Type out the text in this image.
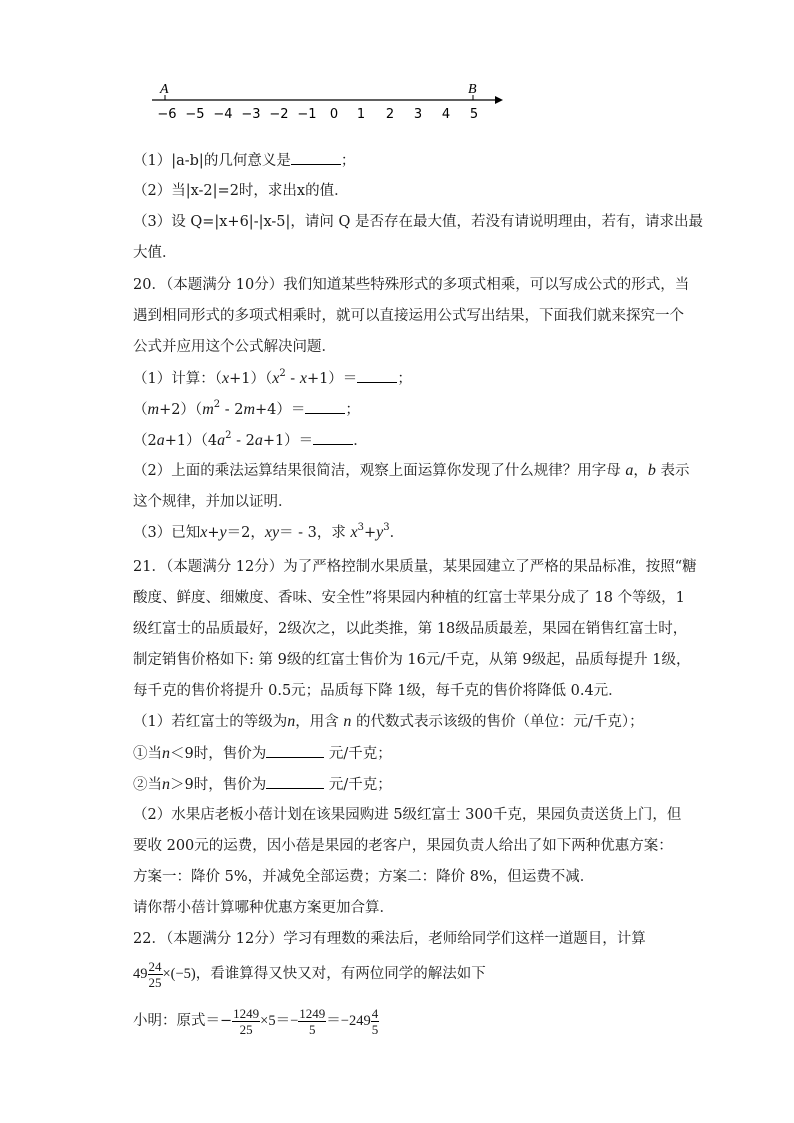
A	B
−6 −5 −4 −3 −2 −1 0 1 2 3 4 5
（1）|a-b|的几何意义是	；
（2）当|x-2|=2时，求出x的值．
（3）设 Q=|x+6|-|x-5|，请问 Q 是否存在最大值，若没有请说明理由，若有，请求出最
大值．
20．（本题满分 10分）我们知道某些特殊形式的多项式相乘，可以写成公式的形式，当
遇到相同形式的多项式相乘时，就可以直接运用公式写出结果，下面我们就来探究一个
公式并应用这个公式解决问题．
（1）计算：$(x+1)(x^2 - x+1)=$	；
$(m+2)(m^2 - 2m+4)=$	；
$(2a+1)(4a^2 - 2a+1)=$	．
（2）上面的乘法运算结果很简洁，观察上面运算你发现了什么规律？用字母 a，b 表示
这个规律，并加以证明．
（3）已知x+y＝2，xy＝ - 3，求 $x^3+y^3$．
21．（本题满分 12分）为了严格控制水果质量，某果园建立了严格的果品标准，按照“糖
酸度、鲜度、细嫩度、香味、安全性”将果园内种植的红富士苹果分成了 18 个等级，1
级红富士的品质最好，2级次之，以此类推，第 18级品质最差，果园在销售红富士时，
制定销售价格如下: 第 9级的红富士售价为 16元/千克，从第 9级起，品质每提升 1级，
每千克的售价将提升 0.5元；品质每下降 1级，每千克的售价将降低 0.4元．
（1）若红富士的等级为n，用含 n 的代数式表示该级的售价（单位：元/千克）；
①当n＜9时，售价为	元/千克；
②当n＞9时，售价为	元/千克；
（2）水果店老板小蓓计划在该果园购进 5级红富士 300千克，果园负责送货上门，但
要收 200元的运费，因小蓓是果园的老客户，果园负责人给出了如下两种优惠方案：
方案一：降价 5%，并减免全部运费；方案二：降价 8%，但运费不减．
请你帮小蓓计算哪种优惠方案更加合算．
22．（本题满分 12分）学习有理数的乘法后，老师给同学们这样一道题目，计算
$49 \frac{24}{25} \times(-5)$，看谁算得又快又对，有两位同学的解法如下
小明：原式＝− $\frac{1249}{25} \times 5=- \frac{1249}{5} =-249 \frac{4}{5}$
